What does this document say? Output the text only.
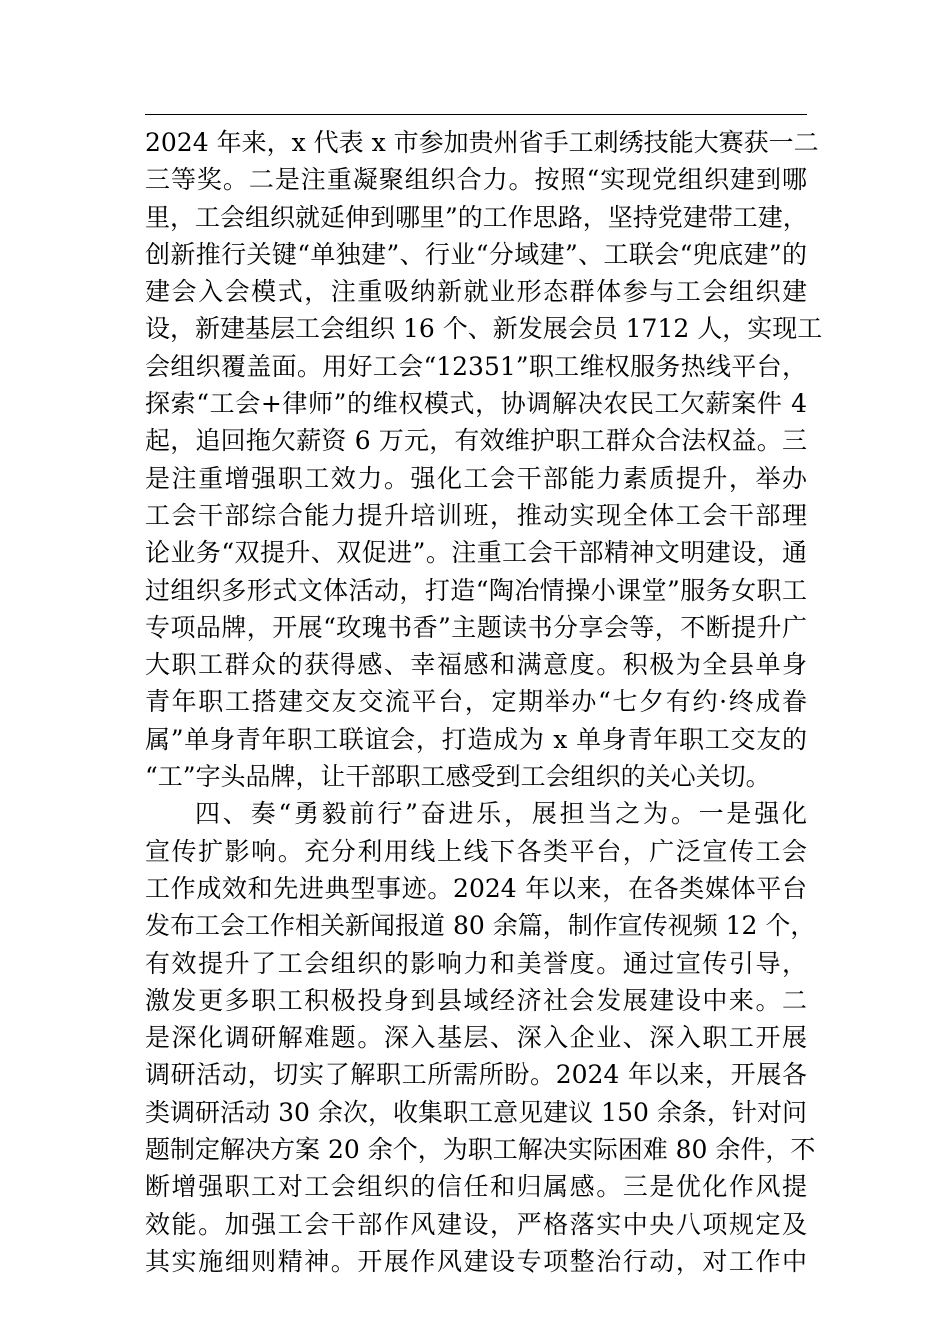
2024 年来，x 代表 x 市参加贵州省手工刺绣技能大赛获一二
三等奖。二是注重凝聚组织合力。按照“实现党组织建到哪
里，工会组织就延伸到哪里”的工作思路，坚持党建带工建，
创新推行关键“单独建”、行业“分域建”、工联会“兜底建”的
建会入会模式，注重吸纳新就业形态群体参与工会组织建
设，新建基层工会组织 16 个、新发展会员 1712 人，实现工
会组织覆盖面。用好工会“12351”职工维权服务热线平台，
探索“工会+律师”的维权模式，协调解决农民工欠薪案件 4
起，追回拖欠薪资 6 万元，有效维护职工群众合法权益。三
是注重增强职工效力。强化工会干部能力素质提升，举办
工会干部综合能力提升培训班，推动实现全体工会干部理
论业务“双提升、双促进”。注重工会干部精神文明建设，通
过组织多形式文体活动，打造“陶冶情操小课堂”服务女职工
专项品牌，开展“玫瑰书香”主题读书分享会等，不断提升广
大职工群众的获得感、幸福感和满意度。积极为全县单身
青年职工搭建交友交流平台，定期举办“七夕有约·终成眷
属”单身青年职工联谊会，打造成为 x 单身青年职工交友的
“工”字头品牌，让干部职工感受到工会组织的关心关切。
四、奏“勇毅前行”奋进乐，展担当之为。一是强化
宣传扩影响。充分利用线上线下各类平台，广泛宣传工会
工作成效和先进典型事迹。2024 年以来，在各类媒体平台
发布工会工作相关新闻报道 80 余篇，制作宣传视频 12 个，
有效提升了工会组织的影响力和美誉度。通过宣传引导，
激发更多职工积极投身到县域经济社会发展建设中来。二
是深化调研解难题。深入基层、深入企业、深入职工开展
调研活动，切实了解职工所需所盼。2024 年以来，开展各
类调研活动 30 余次，收集职工意见建议 150 余条，针对问
题制定解决方案 20 余个，为职工解决实际困难 80 余件，不
断增强职工对工会组织的信任和归属感。三是优化作风提
效能。加强工会干部作风建设，严格落实中央八项规定及
其实施细则精神。开展作风建设专项整治行动，对工作中
